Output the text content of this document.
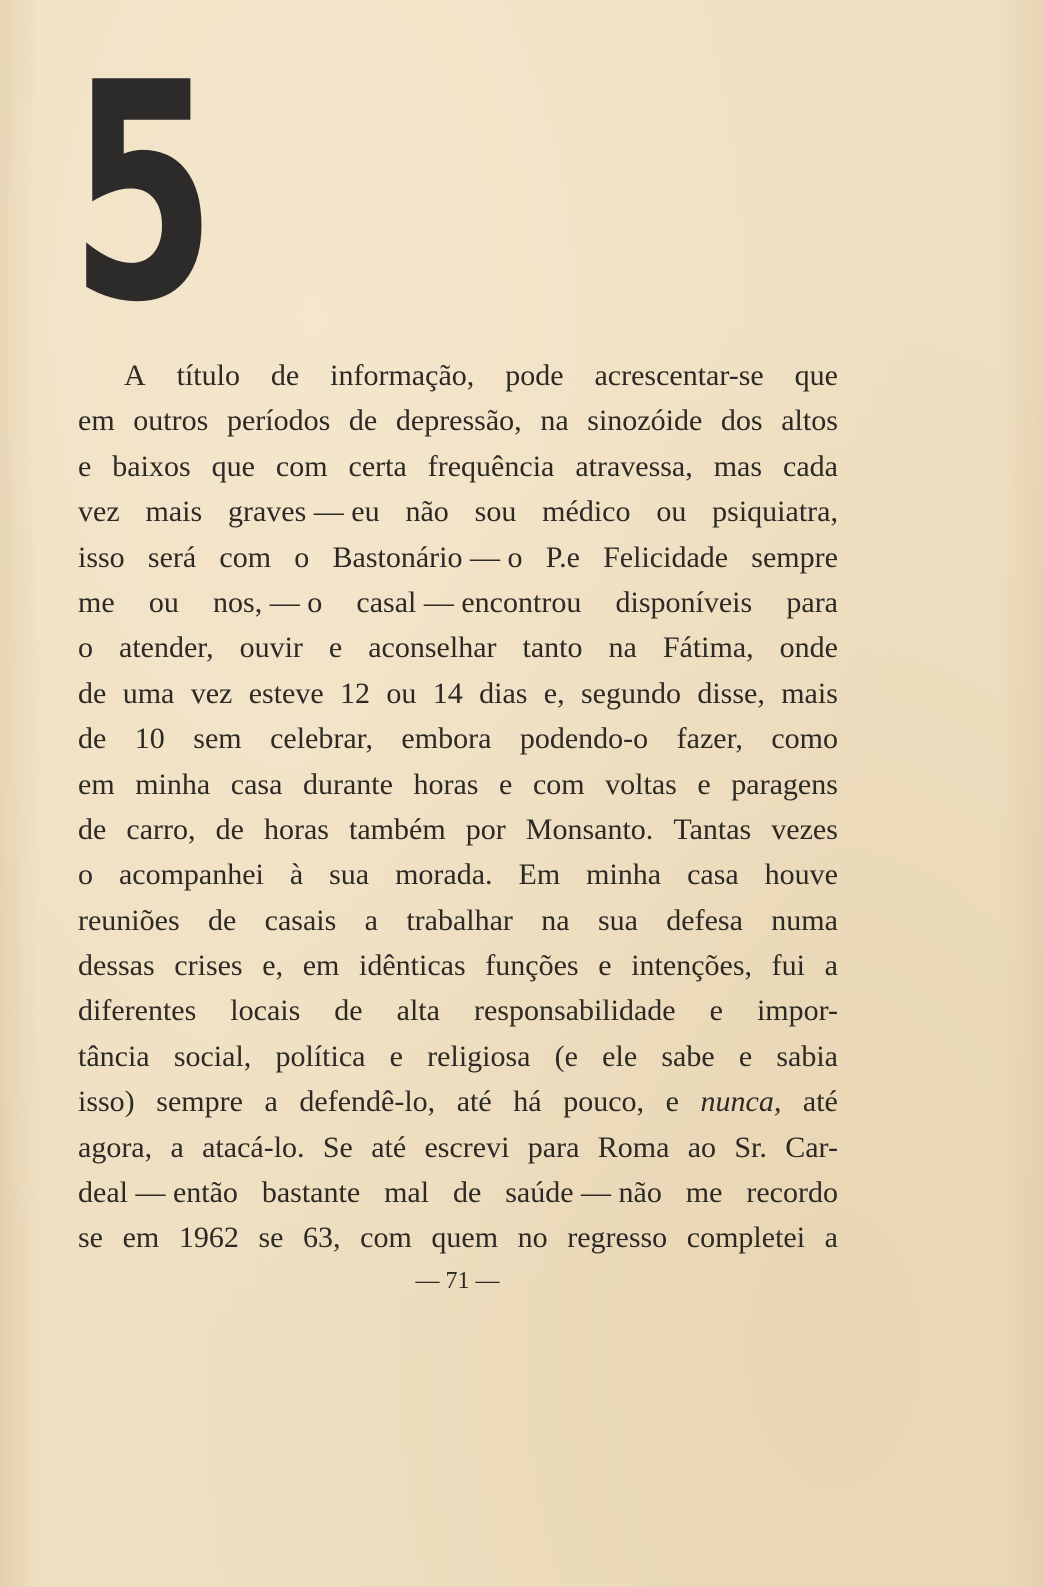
5
A título de informação, pode acrescentar-se que
em outros períodos de depressão, na sinozóide dos altos
e baixos que com certa frequência atravessa, mas cada
vez mais graves — eu não sou médico ou psiquiatra,
isso será com o Bastonário — o P.e Felicidade sempre
me ou nos, — o casal — encontrou disponíveis para
o atender, ouvir e aconselhar tanto na Fátima, onde
de uma vez esteve 12 ou 14 dias e, segundo disse, mais
de 10 sem celebrar, embora podendo-o fazer, como
em minha casa durante horas e com voltas e paragens
de carro, de horas também por Monsanto. Tantas vezes
o acompanhei à sua morada. Em minha casa houve
reuniões de casais a trabalhar na sua defesa numa
dessas crises e, em idênticas funções e intenções, fui a
diferentes locais de alta responsabilidade e impor-
tância social, política e religiosa (e ele sabe e sabia
isso) sempre a defendê-lo, até há pouco, e nunca, até
agora, a atacá-lo. Se até escrevi para Roma ao Sr. Car-
deal — então bastante mal de saúde — não me recordo
se em 1962 se 63, com quem no regresso completei a
— 71 —
